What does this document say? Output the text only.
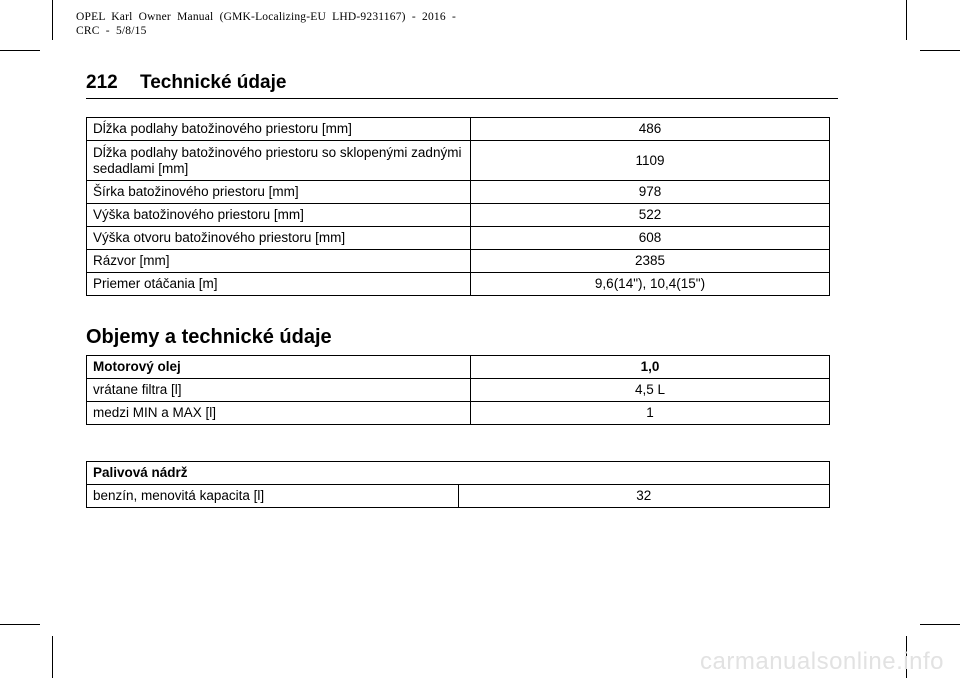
OPEL  Karl  Owner  Manual  (GMK-Localizing-EU  LHD-9231167)  -  2016  -
CRC  -  5/8/15
212 Technické údaje
Dĺžka podlahy batožinového priestoru [mm]	486
Dĺžka podlahy batožinového priestoru so sklopenými zadnými sedadlami [mm]	1109
Šírka batožinového priestoru [mm]	978
Výška batožinového priestoru [mm]	522
Výška otvoru batožinového priestoru [mm]	608
Rázvor [mm]	2385
Priemer otáčania [m]	9,6(14"), 10,4(15")
Objemy a technické údaje
Motorový olej	1,0
vrátane filtra [l]	4,5 L
medzi MIN a MAX [l]	1
Palivová nádrž
benzín, menovitá kapacita [l]	32
carmanualsonline.info
